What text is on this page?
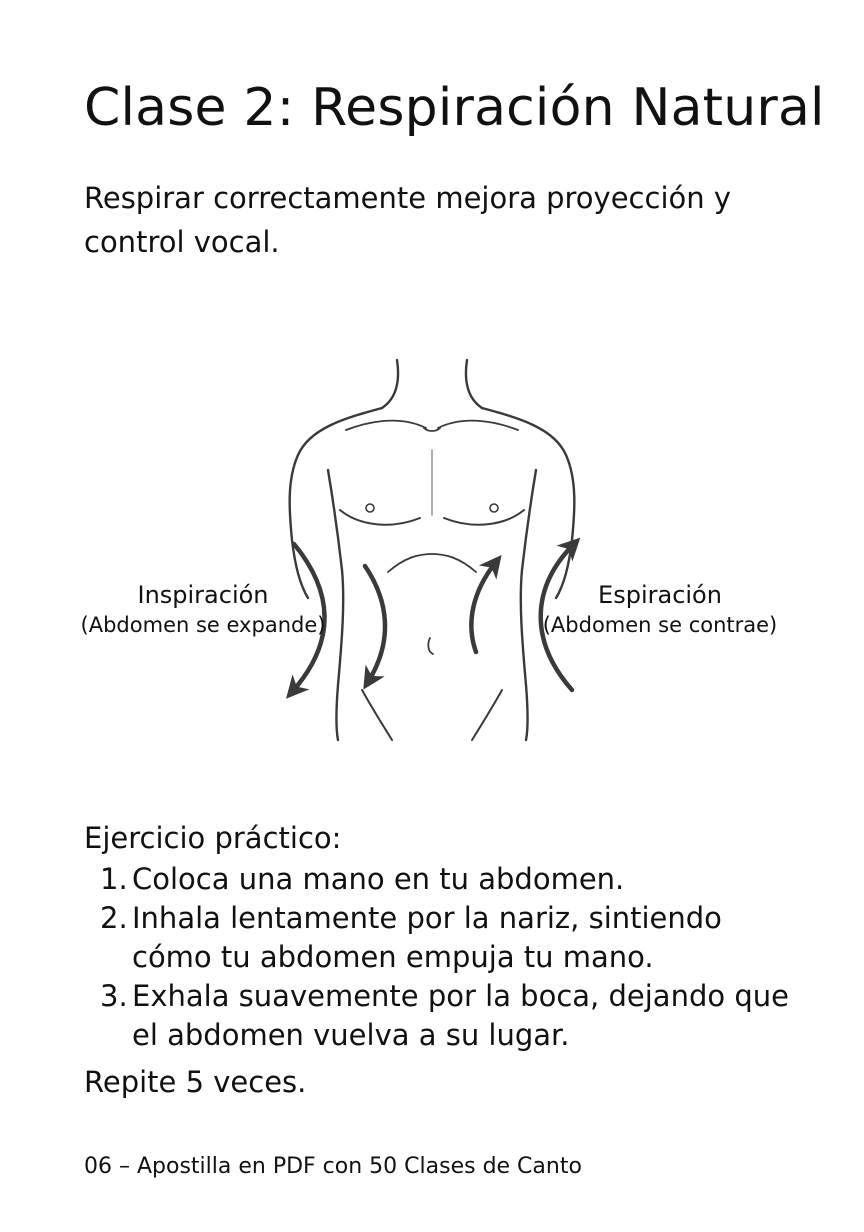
Clase 2: Respiración Natural

Respirar correctamente mejora proyección y control vocal.

Inspiración
(Abdomen se expande)
Espiración
(Abdomen se contrae)
Ejercicio práctico:
1. Coloca una mano en tu abdomen.
2. Inhala lentamente por la nariz, sintiendo cómo tu abdomen empuja tu mano.
3. Exhala suavemente por la boca, dejando que el abdomen vuelva a su lugar.

Repite 5 veces.

06 – Apostilla en PDF con 50 Clases de Canto
